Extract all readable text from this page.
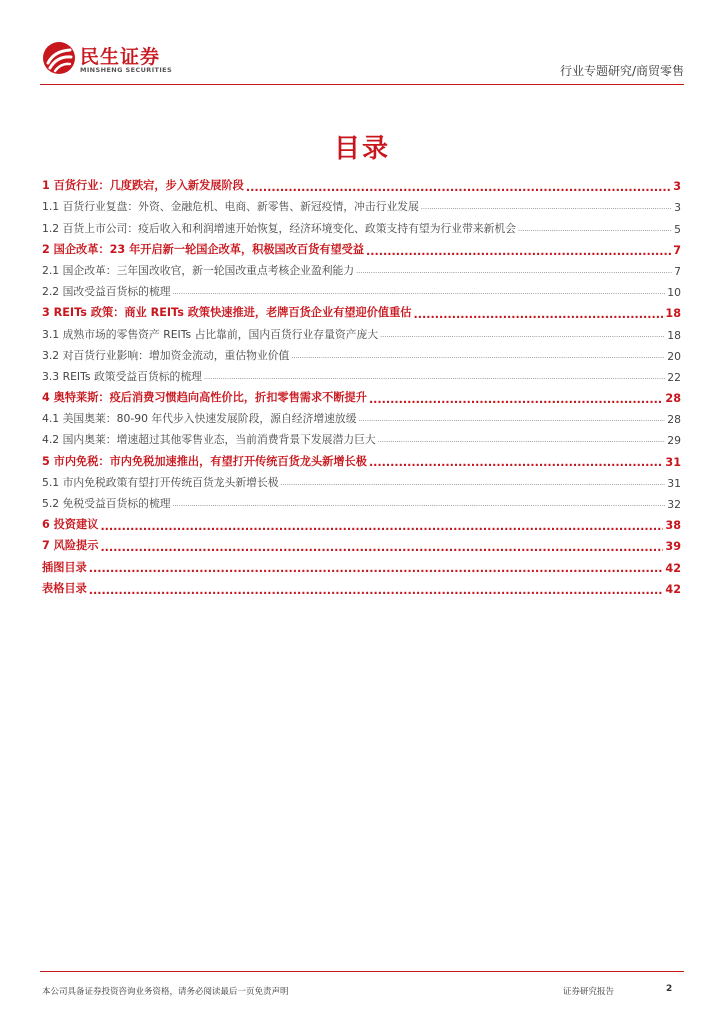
民生证券
MINSHENG SECURITIES	行业专题研究/商贸零售
目录
1 百货行业：几度跌宕，步入新发展阶段 .....	3
1.1 百货行业复盘：外资、金融危机、电商、新零售、新冠疫情，冲击行业发展 .....	3
1.2 百货上市公司：疫后收入和利润增速开始恢复，经济环境变化、政策支持有望为行业带来新机会 .....	5
2 国企改革：23 年开启新一轮国企改革，积极国改百货有望受益 .....	7
2.1 国企改革：三年国改收官，新一轮国改重点考核企业盈利能力 .....	7
2.2 国改受益百货标的梳理 .....	10
3 REITs 政策：商业 REITs 政策快速推进，老牌百货企业有望迎价值重估 .....	18
3.1 成熟市场的零售资产 REITs 占比靠前，国内百货行业存量资产庞大 .....	18
3.2 对百货行业影响：增加资金流动，重估物业价值 .....	20
3.3 REITs 政策受益百货标的梳理 .....	22
4 奥特莱斯：疫后消费习惯趋向高性价比，折扣零售需求不断提升 .....	28
4.1 美国奥莱：80-90 年代步入快速发展阶段，源自经济增速放缓 .....	28
4.2 国内奥莱：增速超过其他零售业态，当前消费背景下发展潜力巨大 .....	29
5 市内免税：市内免税加速推出，有望打开传统百货龙头新增长极 .....	31
5.1 市内免税政策有望打开传统百货龙头新增长极 .....	31
5.2 免税受益百货标的梳理 .....	32
6 投资建议 .....	38
7 风险提示 .....	39
插图目录 .....	42
表格目录 .....	42
本公司具备证券投资咨询业务资格，请务必阅读最后一页免责声明	证券研究报告	2
